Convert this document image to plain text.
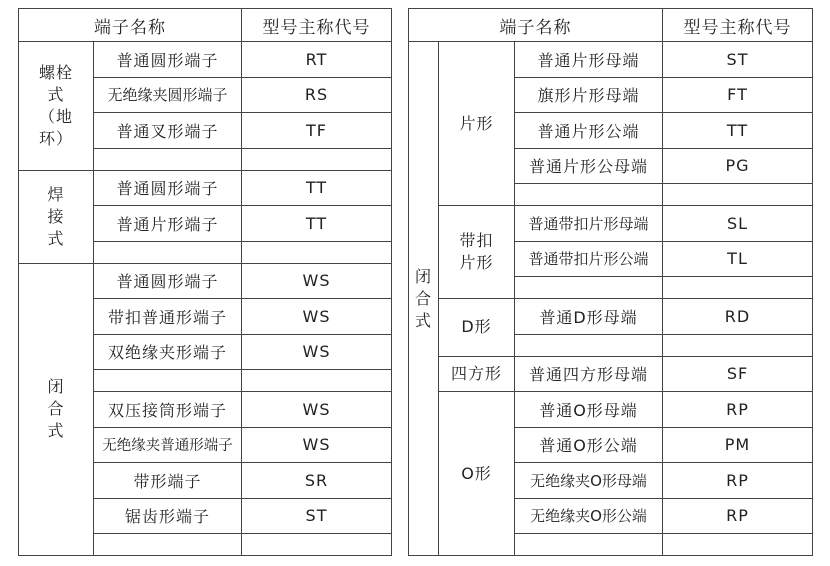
端子名称		型号主称代号
螺栓式（地环）	普通圆形端子	RT
	无绝缘夹圆形端子	RS
	普通叉形端子	TF

焊接式	普通圆形端子	TT
	普通片形端子	TT

闭合式	普通圆形端子	WS
	带扣普通形端子	WS
	双绝缘夹形端子	WS

	双压接筒形端子	WS
	无绝缘夹普通形端子	WS
	带形端子	SR
	锯齿形端子	ST

端子名称			型号主称代号
闭合式	片形	普通片形母端	ST
		旗形片形母端	FT
		普通片形公端	TT
		普通片形公母端	PG

	带扣片形	普通带扣片形母端	SL
		普通带扣片形公端	TL

	D形	普通D形母端	RD

	四方形	普通四方形母端	SF
	O形	普通O形母端	RP
		普通O形公端	PM
		无绝缘夹O形母端	RP
		无绝缘夹O形公端	RP
